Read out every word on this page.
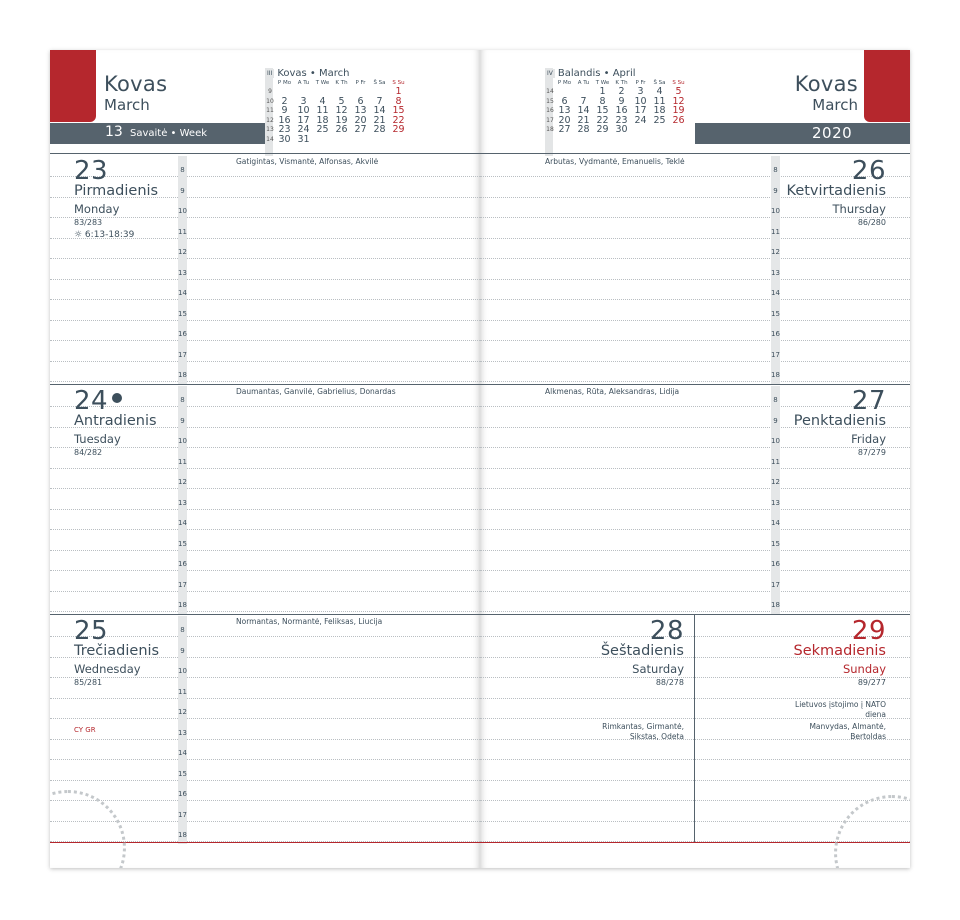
Kovas
March
13 Savaitė • Week
III Kovas • March
	P Mo	A Tu	T We	K Th	P Fr	Š Sa	S Su
9							1
10	2	3	4	5	6	7	8
11	9	10	11	12	13	14	15
12	16	17	18	19	20	21	22
13	23	24	25	26	27	28	29
14	30	31					
8
9
10
11
12
13
14
15
16
17
18
23
Pirmadienis
Monday
83/283
☼ 6:13-18:39
Gatigintas, Vismantė, Alfonsas, Akvilė
8
9
10
11
12
13
14
15
16
17
18
24
Antradienis
Tuesday
84/282
Daumantas, Ganvilė, Gabrielius, Donardas
8
9
10
11
12
13
14
15
16
17
18
25
Trečiadienis
Wednesday
85/281
Normantas, Normantė, Feliksas, Liucija
CY GR
Kovas
March
2020
IV Balandis • April
	P Mo	A Tu	T We	K Th	P Fr	Š Sa	S Su
14			1	2	3	4	5
15	6	7	8	9	10	11	12
16	13	14	15	16	17	18	19
17	20	21	22	23	24	25	26
18	27	28	29	30			
8
9
10
11
12
13
14
15
16
17
18
Arbutas, Vydmantė, Emanuelis, Teklė	26
Ketvirtadienis
Thursday
86/280
8
9
10
11
12
13
14
15
16
17
18
Alkmenas, Rūta, Aleksandras, Lidija	27
Penktadienis
Friday
87/279
28
Šeštadienis
Saturday
88/278
Rimkantas, Girmantė,
Sikstas, Odeta
29
Sekmadienis
Sunday
89/277
Lietuvos įstojimo į NATO
diena
Manvydas, Almantė,
Bertoldas
